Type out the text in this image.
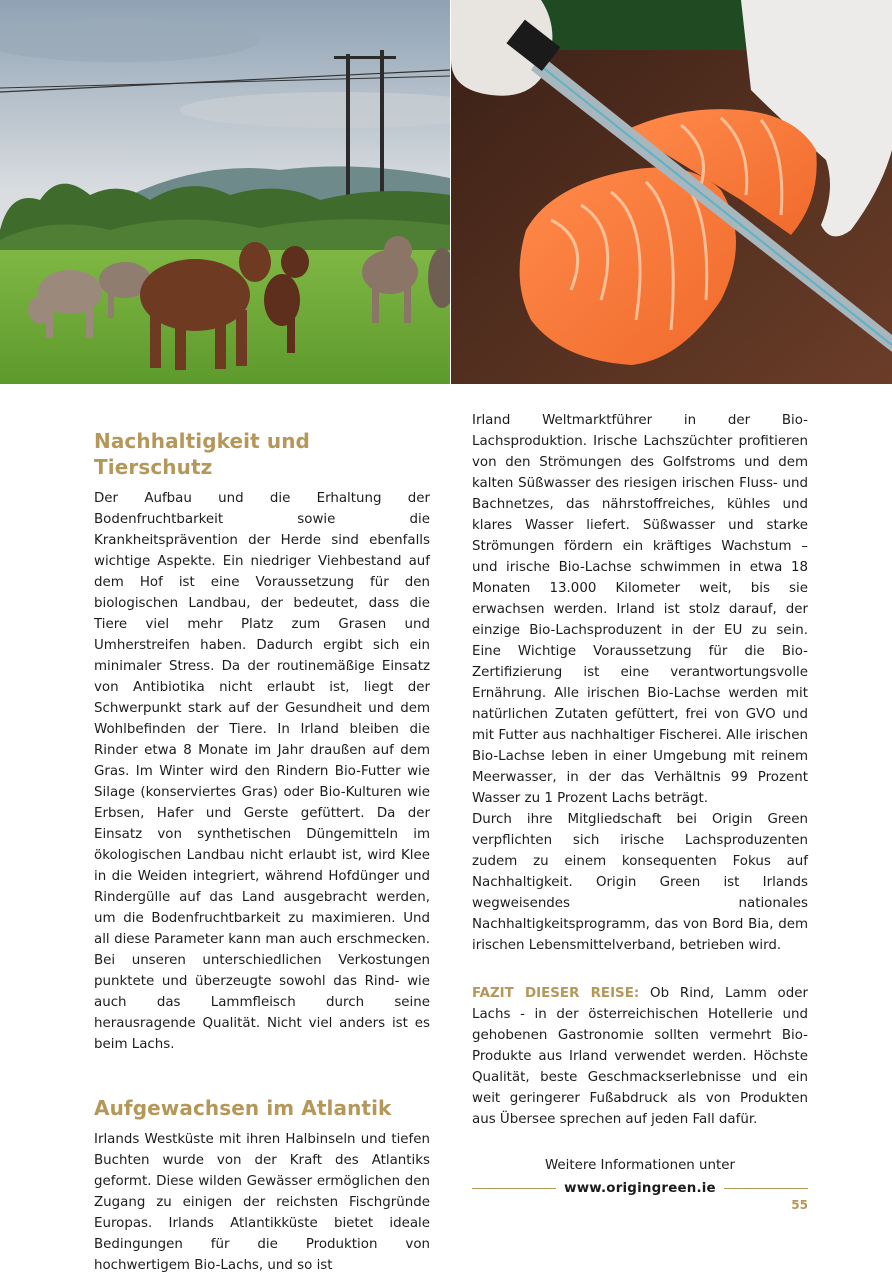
Nachhaltigkeit und Tierschutz

Der Aufbau und die Erhaltung der Bodenfruchtbarkeit sowie die Krankheitsprävention der Herde sind ebenfalls wichtige Aspekte. Ein niedriger Viehbestand auf dem Hof ist eine Voraussetzung für den biologischen Landbau, der bedeutet, dass die Tiere viel mehr Platz zum Grasen und Umherstreifen haben. Dadurch ergibt sich ein minimaler Stress. Da der routinemäßige Einsatz von Antibiotika nicht erlaubt ist, liegt der Schwerpunkt stark auf der Gesundheit und dem Wohlbefinden der Tiere. In Irland bleiben die Rinder etwa 8 Monate im Jahr draußen auf dem Gras. Im Winter wird den Rindern Bio-Futter wie Silage (konserviertes Gras) oder Bio-Kulturen wie Erbsen, Hafer und Gerste gefüttert. Da der Einsatz von synthetischen Düngemitteln im ökologischen Landbau nicht erlaubt ist, wird Klee in die Weiden integriert, während Hofdünger und Rindergülle auf das Land ausgebracht werden, um die Bodenfruchtbarkeit zu maximieren. Und all diese Parameter kann man auch erschmecken. Bei unseren unterschiedlichen Verkostungen punktete und überzeugte sowohl das Rind- wie auch das Lammfleisch durch seine herausragende Qualität. Nicht viel anders ist es beim Lachs.

Aufgewachsen im Atlantik

Irlands Westküste mit ihren Halbinseln und tiefen Buchten wurde von der Kraft des Atlantiks geformt. Diese wilden Gewässer ermöglichen den Zugang zu einigen der reichsten Fischgründe Europas. Irlands Atlantikküste bietet ideale Bedingungen für die Produktion von hochwertigem Bio-Lachs, und so ist

Irland Weltmarktführer in der Bio-Lachsproduktion. Irische Lachszüchter profitieren von den Strömungen des Golfstroms und dem kalten Süßwasser des riesigen irischen Fluss- und Bachnetzes, das nährstoffreiches, kühles und klares Wasser liefert. Süßwasser und starke Strömungen fördern ein kräftiges Wachstum – und irische Bio-Lachse schwimmen in etwa 18 Monaten 13.000 Kilometer weit, bis sie erwachsen werden. Irland ist stolz darauf, der einzige Bio-Lachsproduzent in der EU zu sein. Eine Wichtige Voraussetzung für die Bio-Zertifizierung ist eine verantwortungsvolle Ernährung. Alle irischen Bio-Lachse werden mit natürlichen Zutaten gefüttert, frei von GVO und mit Futter aus nachhaltiger Fischerei. Alle irischen Bio-Lachse leben in einer Umgebung mit reinem Meerwasser, in der das Verhältnis 99 Prozent Wasser zu 1 Prozent Lachs beträgt.

Durch ihre Mitgliedschaft bei Origin Green verpflichten sich irische Lachsproduzenten zudem zu einem konsequenten Fokus auf Nachhaltigkeit. Origin Green ist Irlands wegweisendes nationales Nachhaltigkeitsprogramm, das von Bord Bia, dem irischen Lebensmittelverband, betrieben wird.

FAZIT DIESER REISE: Ob Rind, Lamm oder Lachs - in der österreichischen Hotellerie und gehobenen Gastronomie sollten vermehrt Bio-Produkte aus Irland verwendet werden. Höchste Qualität, beste Geschmackserlebnisse und ein weit geringerer Fußabdruck als von Produkten aus Übersee sprechen auf jeden Fall dafür.

Weitere Informationen unter
www.origingreen.ie
55
